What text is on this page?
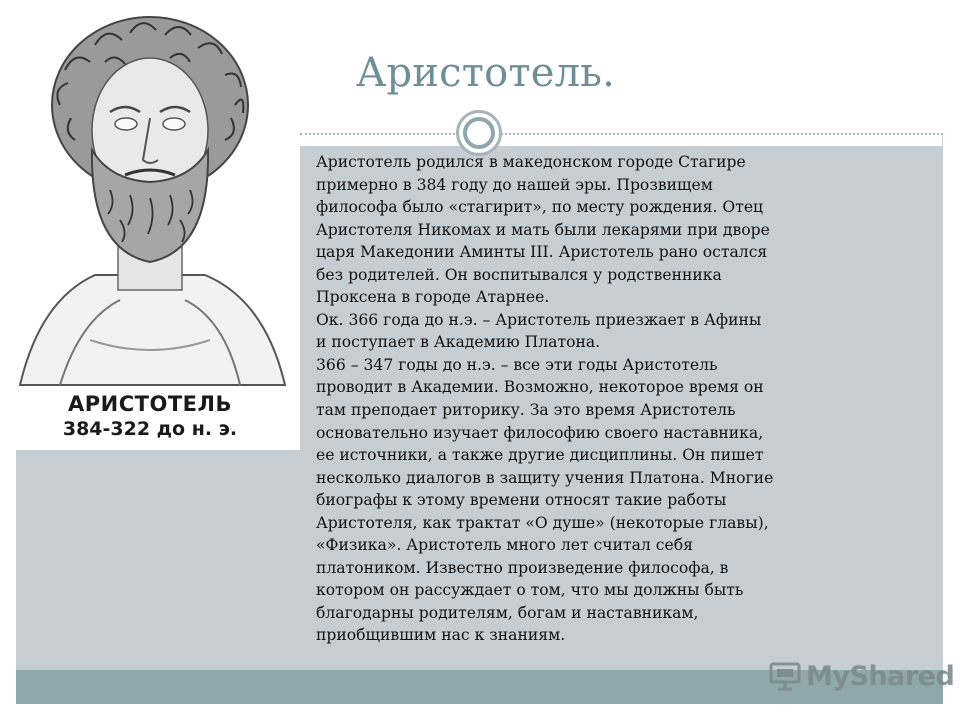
Аристотель.
АРИСТОТЕЛЬ
384-322 до н. э.

Аристотель родился в македонском городе Стагире примерно в 384 году до нашей эры. Прозвищем философа было «стагирит», по месту рождения. Отец Аристотеля Никомах и мать были лекарями при дворе царя Македонии Аминты III. Аристотель рано остался без родителей. Он воспитывался у родственника Проксена в городе Атарнее.

Ок. 366 года до н.э. – Аристотель приезжает в Афины и поступает в Академию Платона.

366 – 347 годы до н.э. – все эти годы Аристотель проводит в Академии. Возможно, некоторое время он там преподает риторику. За это время Аристотель основательно изучает философию своего наставника, ее источники, а также другие дисциплины. Он пишет несколько диалогов в защиту учения Платона. Многие биографы к этому времени относят такие работы Аристотеля, как трактат «О душе» (некоторые главы), «Физика». Аристотель много лет считал себя платоником. Известно произведение философа, в котором он рассуждает о том, что мы должны быть благодарны родителям, богам и наставникам, приобщившим нас к знаниям.

MyShared
